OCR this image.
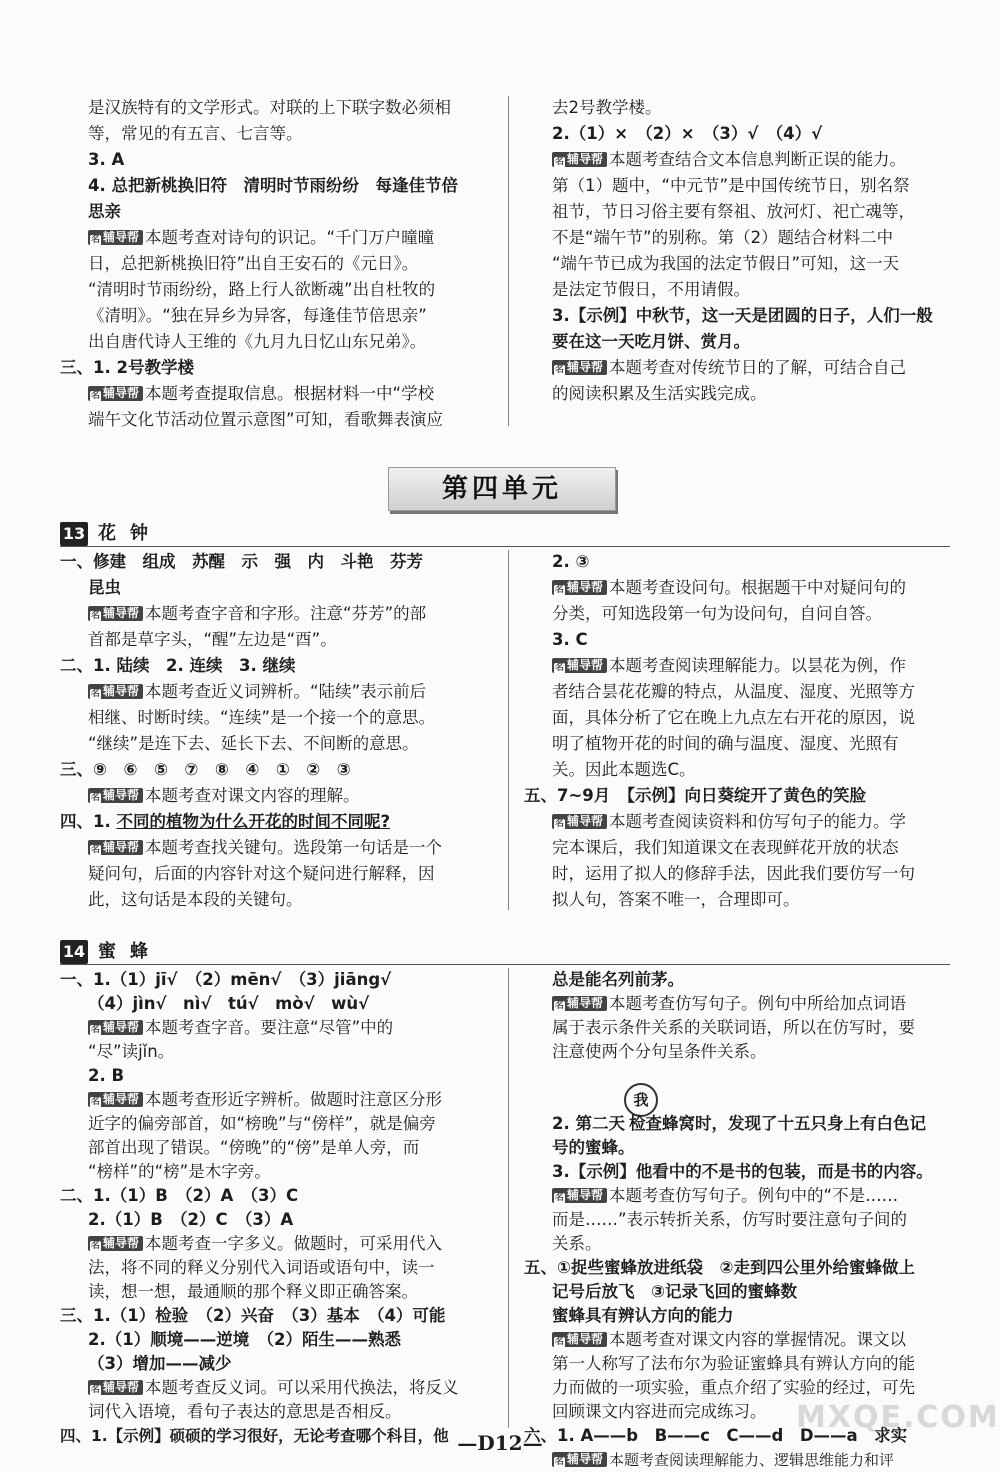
是汉族特有的文学形式。对联的上下联字数必须相
等，常见的有五言、七言等。
3. A
4. 总把新桃换旧符　清明时节雨纷纷　每逢佳节倍
思亲
名 辅导帮 本题考查对诗句的识记。“千门万户曈曈
日，总把新桃换旧符”出自王安石的《元日》。
“清明时节雨纷纷，路上行人欲断魂”出自杜牧的
《清明》。“独在异乡为异客，每逢佳节倍思亲”
出自唐代诗人王维的《九月九日忆山东兄弟》。
三、1. 2号教学楼
名 辅导帮 本题考查提取信息。根据材料一中“学校
端午文化节活动位置示意图”可知，看歌舞表演应
去2号教学楼。
2.（1）×　（2）×　（3）√　（4）√
名 辅导帮 本题考查结合文本信息判断正误的能力。
第（1）题中，“中元节”是中国传统节日，别名祭
祖节，节日习俗主要有祭祖、放河灯、祀亡魂等，
不是“端午节”的别称。第（2）题结合材料二中
“端午节已成为我国的法定节假日”可知，这一天
是法定节假日，不用请假。
3.【示例】中秋节，这一天是团圆的日子，人们一般
要在这一天吃月饼、赏月。
名 辅导帮 本题考查对传统节日的了解，可结合自己
的阅读积累及生活实践完成。
第四单元
13 花钟
一、修建　组成　苏醒　示　强　内　斗艳　芬芳
昆虫
名 辅导帮 本题考查字音和字形。注意“芬芳”的部
首都是草字头，“醒”左边是“酉”。
二、1. 陆续　2. 连续　3. 继续
名 辅导帮 本题考查近义词辨析。“陆续”表示前后
相继、时断时续。“连续”是一个接一个的意思。
“继续”是连下去、延长下去、不间断的意思。
三、⑨　⑥　⑤　⑦　⑧　④　①　②　③
名 辅导帮 本题考查对课文内容的理解。
四、1. 不同的植物为什么开花的时间不同呢?
名 辅导帮 本题考查找关键句。选段第一句话是一个
疑问句，后面的内容针对这个疑问进行解释，因
此，这句话是本段的关键句。
2. ③
名 辅导帮 本题考查设问句。根据题干中对疑问句的
分类，可知选段第一句为设问句，自问自答。
3. C
名 辅导帮 本题考查阅读理解能力。以昙花为例，作
者结合昙花花瓣的特点，从温度、湿度、光照等方
面，具体分析了它在晚上九点左右开花的原因，说
明了植物开花的时间的确与温度、湿度、光照有
关。因此本题选C。
五、7~9月　【示例】向日葵绽开了黄色的笑脸
名 辅导帮 本题考查阅读资料和仿写句子的能力。学
完本课后，我们知道课文在表现鲜花开放的状态
时，运用了拟人的修辞手法，因此我们要仿写一句
拟人句，答案不唯一，合理即可。
14 蜜蜂
一、1.（1）jī√　（2）mēn√　（3）jiāng√
（4）jìn√　nì√　tú√　mò√　wù√
名 辅导帮 本题考查字音。要注意“尽管”中的
“尽”读jǐn。
2. B
名 辅导帮 本题考查形近字辨析。做题时注意区分形
近字的偏旁部首，如“榜晚”与“傍样”，就是偏旁
部首出现了错误。“傍晚”的“傍”是单人旁，而
“榜样”的“榜”是木字旁。
二、1.（1）B　（2）A　（3）C
2.（1）B　（2）C　（3）A
名 辅导帮 本题考查一字多义。做题时，可采用代入
法，将不同的释义分别代入词语或语句中，读一
读，想一想，最通顺的那个释义即正确答案。
三、1.（1）检验　（2）兴奋　（3）基本　（4）可能
2.（1）顺境——逆境　（2）陌生——熟悉
（3）增加——减少
名 辅导帮 本题考查反义词。可以采用代换法，将反义
词代入语境，看句子表达的意思是否相反。
四、1.【示例】硕硕的学习很好，无论考查哪个科目，他
我
总是能名列前茅。
名 辅导帮 本题考查仿写句子。例句中所给加点词语
属于表示条件关系的关联词语，所以在仿写时，要
注意使两个分句呈条件关系。
2. 第二天 检查蜂窝时，发现了十五只身上有白色记
号的蜜蜂。
3.【示例】他看中的不是书的包装，而是书的内容。
名 辅导帮 本题考查仿写句子。例句中的“不是……
而是……”表示转折关系，仿写时要注意句子间的
关系。
五、①捉些蜜蜂放进纸袋　②走到四公里外给蜜蜂做上
记号后放飞　③记录飞回的蜜蜂数
蜜蜂具有辨认方向的能力
名 辅导帮 本题考查对课文内容的掌握情况。课文以
第一人称写了法布尔为验证蜜蜂具有辨认方向的能
力而做的一项实验，重点介绍了实验的经过，可先
回顾课文内容进而完成练习。
六、1. A——b　B——c　C——d　D——a　求实
名 辅导帮 本题考查阅读理解能力、逻辑思维能力和评
—D12—
MXQE.COM
